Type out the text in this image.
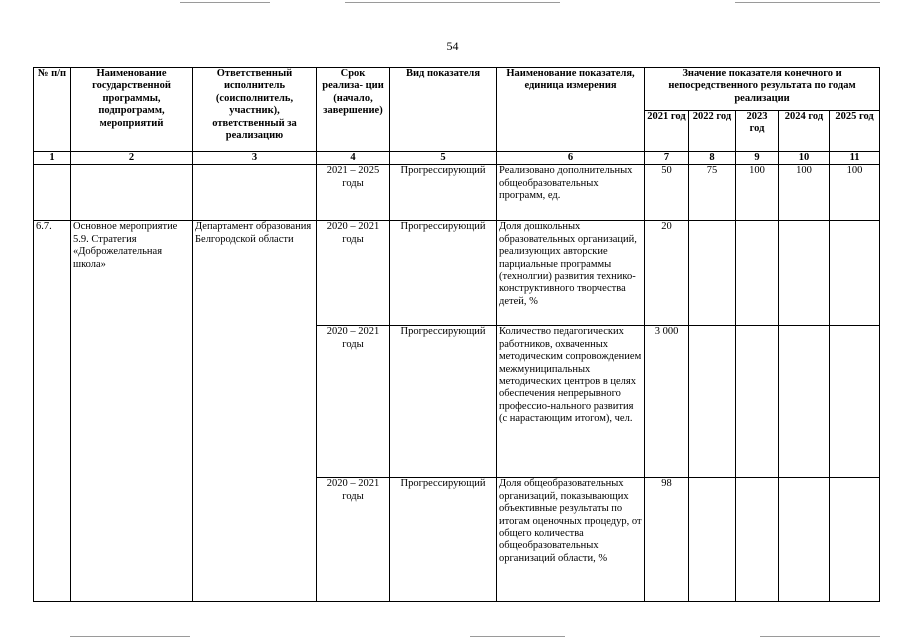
54
№ п/п	Наименование государственной программы, подпрограмм, мероприятий	Ответственный исполнитель (соисполнитель, участник), ответственный за реализацию	Срок реализа- ции (начало, завершение)	Вид показателя	Наименование показателя, единица измерения	Значение показателя конечного и непосредственного результата по годам реализации				
						2021 год	2022 год	2023 год	2024 год	2025 год
1	2	3	4	5	6	7	8	9	10	11
			2021 – 2025 годы	Прогрессирующий	Реализовано дополнительных общеобразовательных программ, ед.	50	75	100	100	100
6.7.	Основное мероприятие 5.9. Стратегия «Доброжелательная школа»	Департамент образования Белгородской области	2020 – 2021 годы	Прогрессирующий	Доля дошкольных образовательных организаций, реализующих авторские парциальные программы (технолгии) развития технико-конструктивного творчества детей, %	20				
			2020 – 2021 годы	Прогрессирующий	Количество педагогических работников, охваченных методическим сопровождением межмуниципальных методических центров в целях обеспечения непрерывного профессио-нального развития (с нарастающим итогом), чел.	3 000				
			2020 – 2021 годы	Прогрессирующий	Доля общеобразовательных организаций, показывающих объективные результаты по итогам оценочных процедур, от общего количества общеобразовательных организаций области, %	98				
